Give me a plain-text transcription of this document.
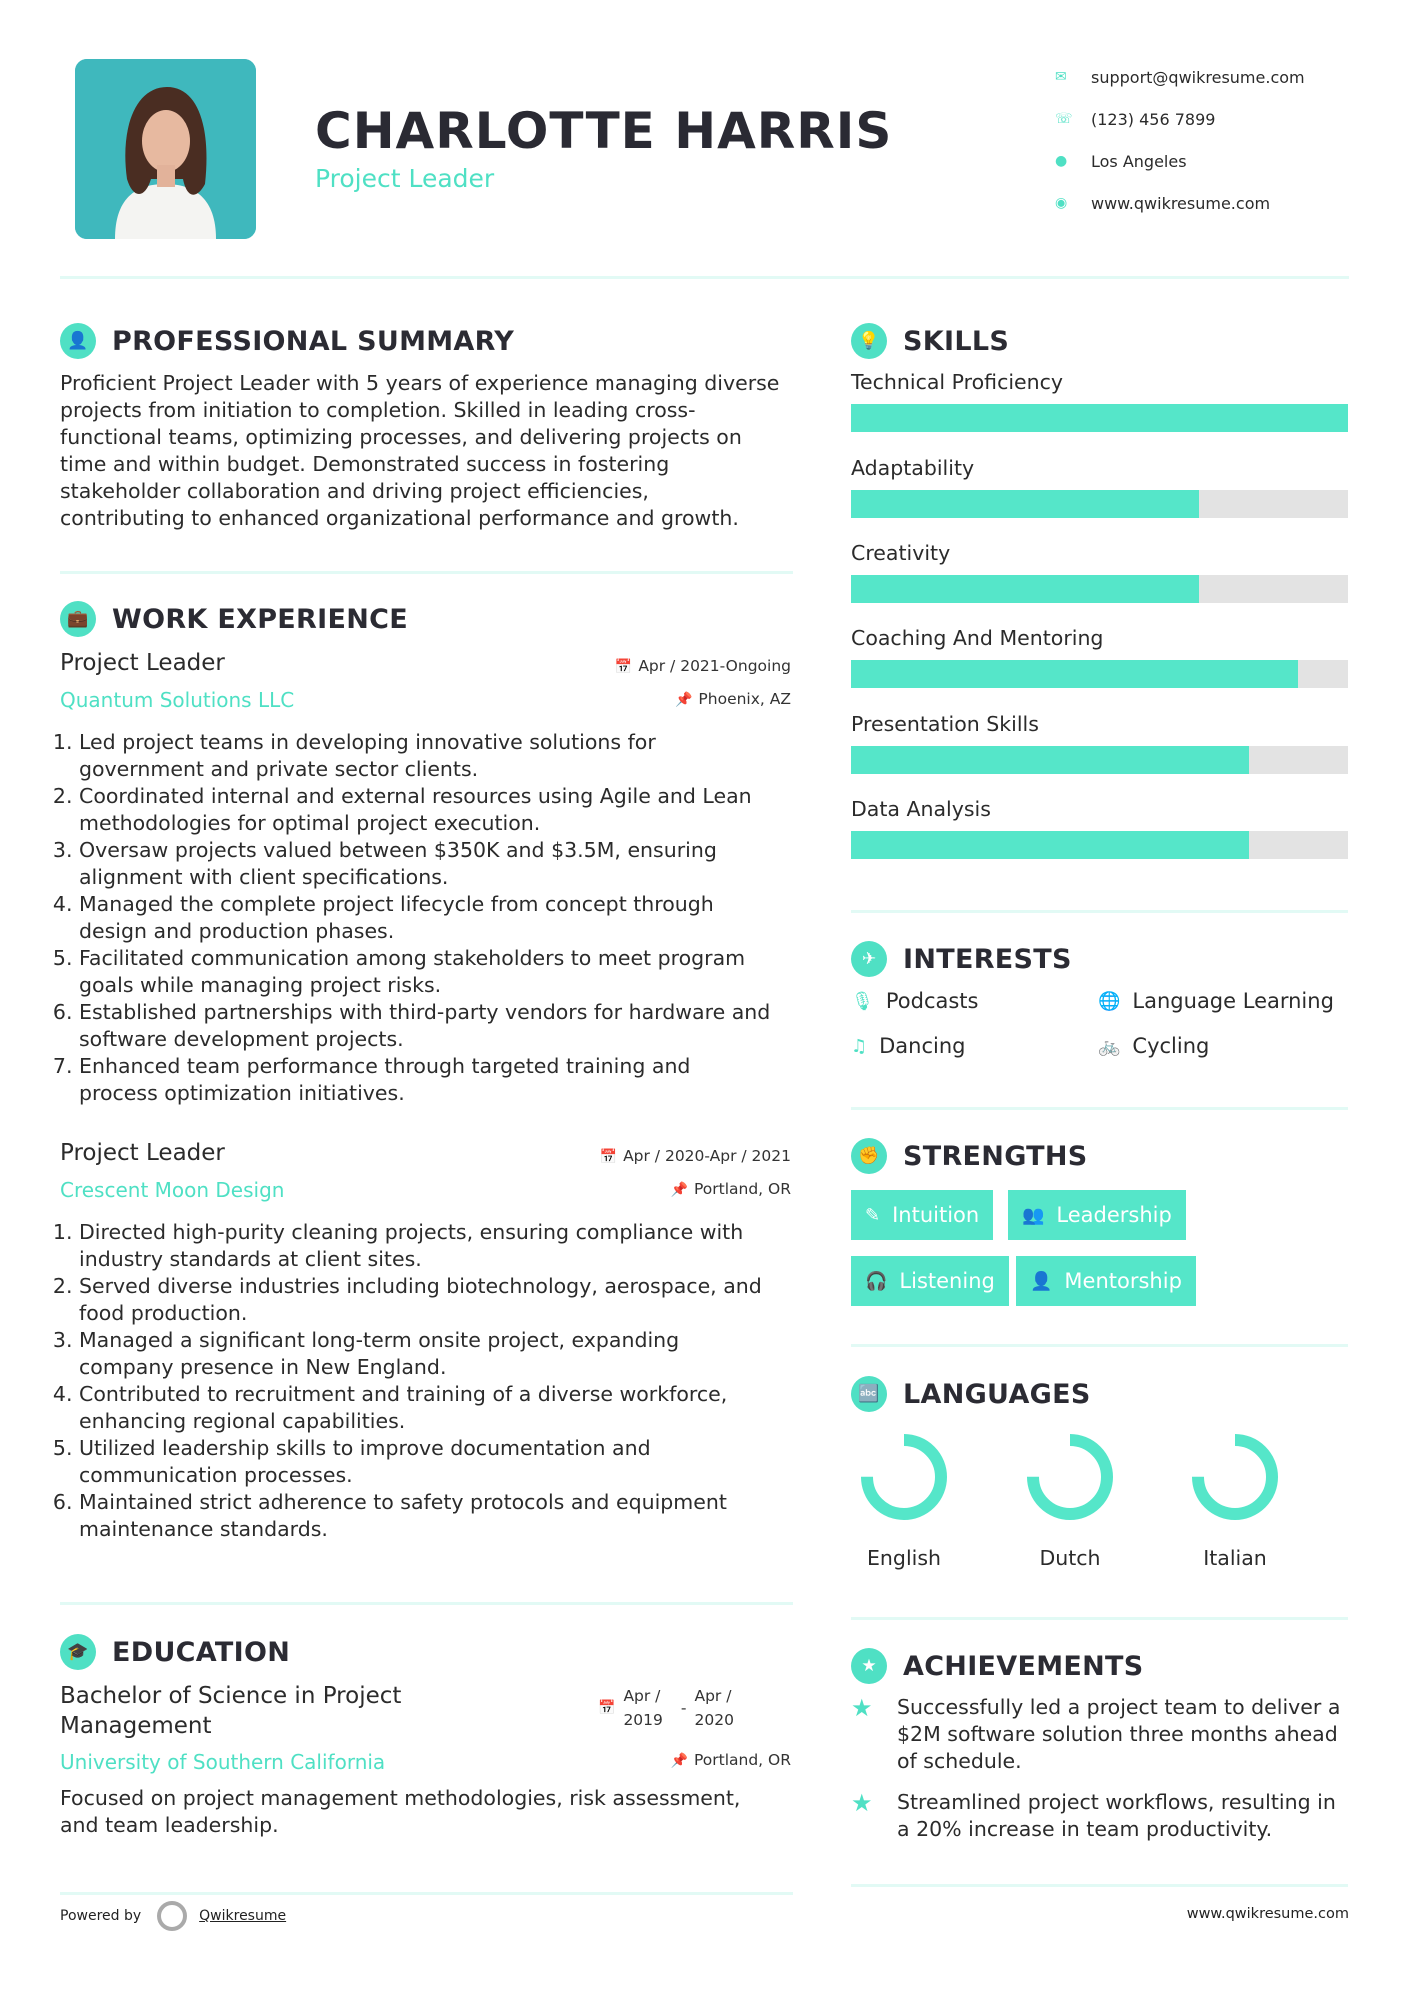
CHARLOTTE HARRIS
Project Leader
✉	support@qwikresume.com
☏	(123) 456 7899
●	Los Angeles
◉	www.qwikresume.com
👤 PROFESSIONAL SUMMARY
Proficient Project Leader with 5 years of experience managing diverse
projects from initiation to completion. Skilled in leading cross-
functional teams, optimizing processes, and delivering projects on
time and within budget. Demonstrated success in fostering
stakeholder collaboration and driving project efficiencies,
contributing to enhanced organizational performance and growth.
💼 WORK EXPERIENCE
Project Leader
Quantum Solutions LLC
📅 Apr / 2021-Ongoing
📌 Phoenix, AZ
1. Led project teams in developing innovative solutions for
government and private sector clients.
2. Coordinated internal and external resources using Agile and Lean
methodologies for optimal project execution.
3. Oversaw projects valued between $350K and $3.5M, ensuring
alignment with client specifications.
4. Managed the complete project lifecycle from concept through
design and production phases.
5. Facilitated communication among stakeholders to meet program
goals while managing project risks.
6. Established partnerships with third-party vendors for hardware and
software development projects.
7. Enhanced team performance through targeted training and
process optimization initiatives.
Project Leader
Crescent Moon Design
📅 Apr / 2020-Apr / 2021
📌 Portland, OR
1. Directed high-purity cleaning projects, ensuring compliance with
industry standards at client sites.
2. Served diverse industries including biotechnology, aerospace, and
food production.
3. Managed a significant long-term onsite project, expanding
company presence in New England.
4. Contributed to recruitment and training of a diverse workforce,
enhancing regional capabilities.
5. Utilized leadership skills to improve documentation and
communication processes.
6. Maintained strict adherence to safety protocols and equipment
maintenance standards.
🎓 EDUCATION
Bachelor of Science in Project
Management
University of Southern California
📅
Apr /
2019
-
Apr /
2020
📌 Portland, OR
Focused on project management methodologies, risk assessment,
and team leadership.
💡 SKILLS
Technical Proficiency
Adaptability
Creativity
Coaching And Mentoring
Presentation Skills
Data Analysis
✈ INTERESTS
🎙 Podcasts	🌐 Language Learning
♫ Dancing	🚲 Cycling
✊ STRENGTHS
✎ Intuition 👥 Leadership
🎧 Listening 👤 Mentorship
🔤 LANGUAGES
English	Dutch	Italian
★ ACHIEVEMENTS
★	Successfully led a project team to deliver a
$2M software solution three months ahead
of schedule.
★	Streamlined project workflows, resulting in
a 20% increase in team productivity.
Powered by	Qwikresume	www.qwikresume.com
